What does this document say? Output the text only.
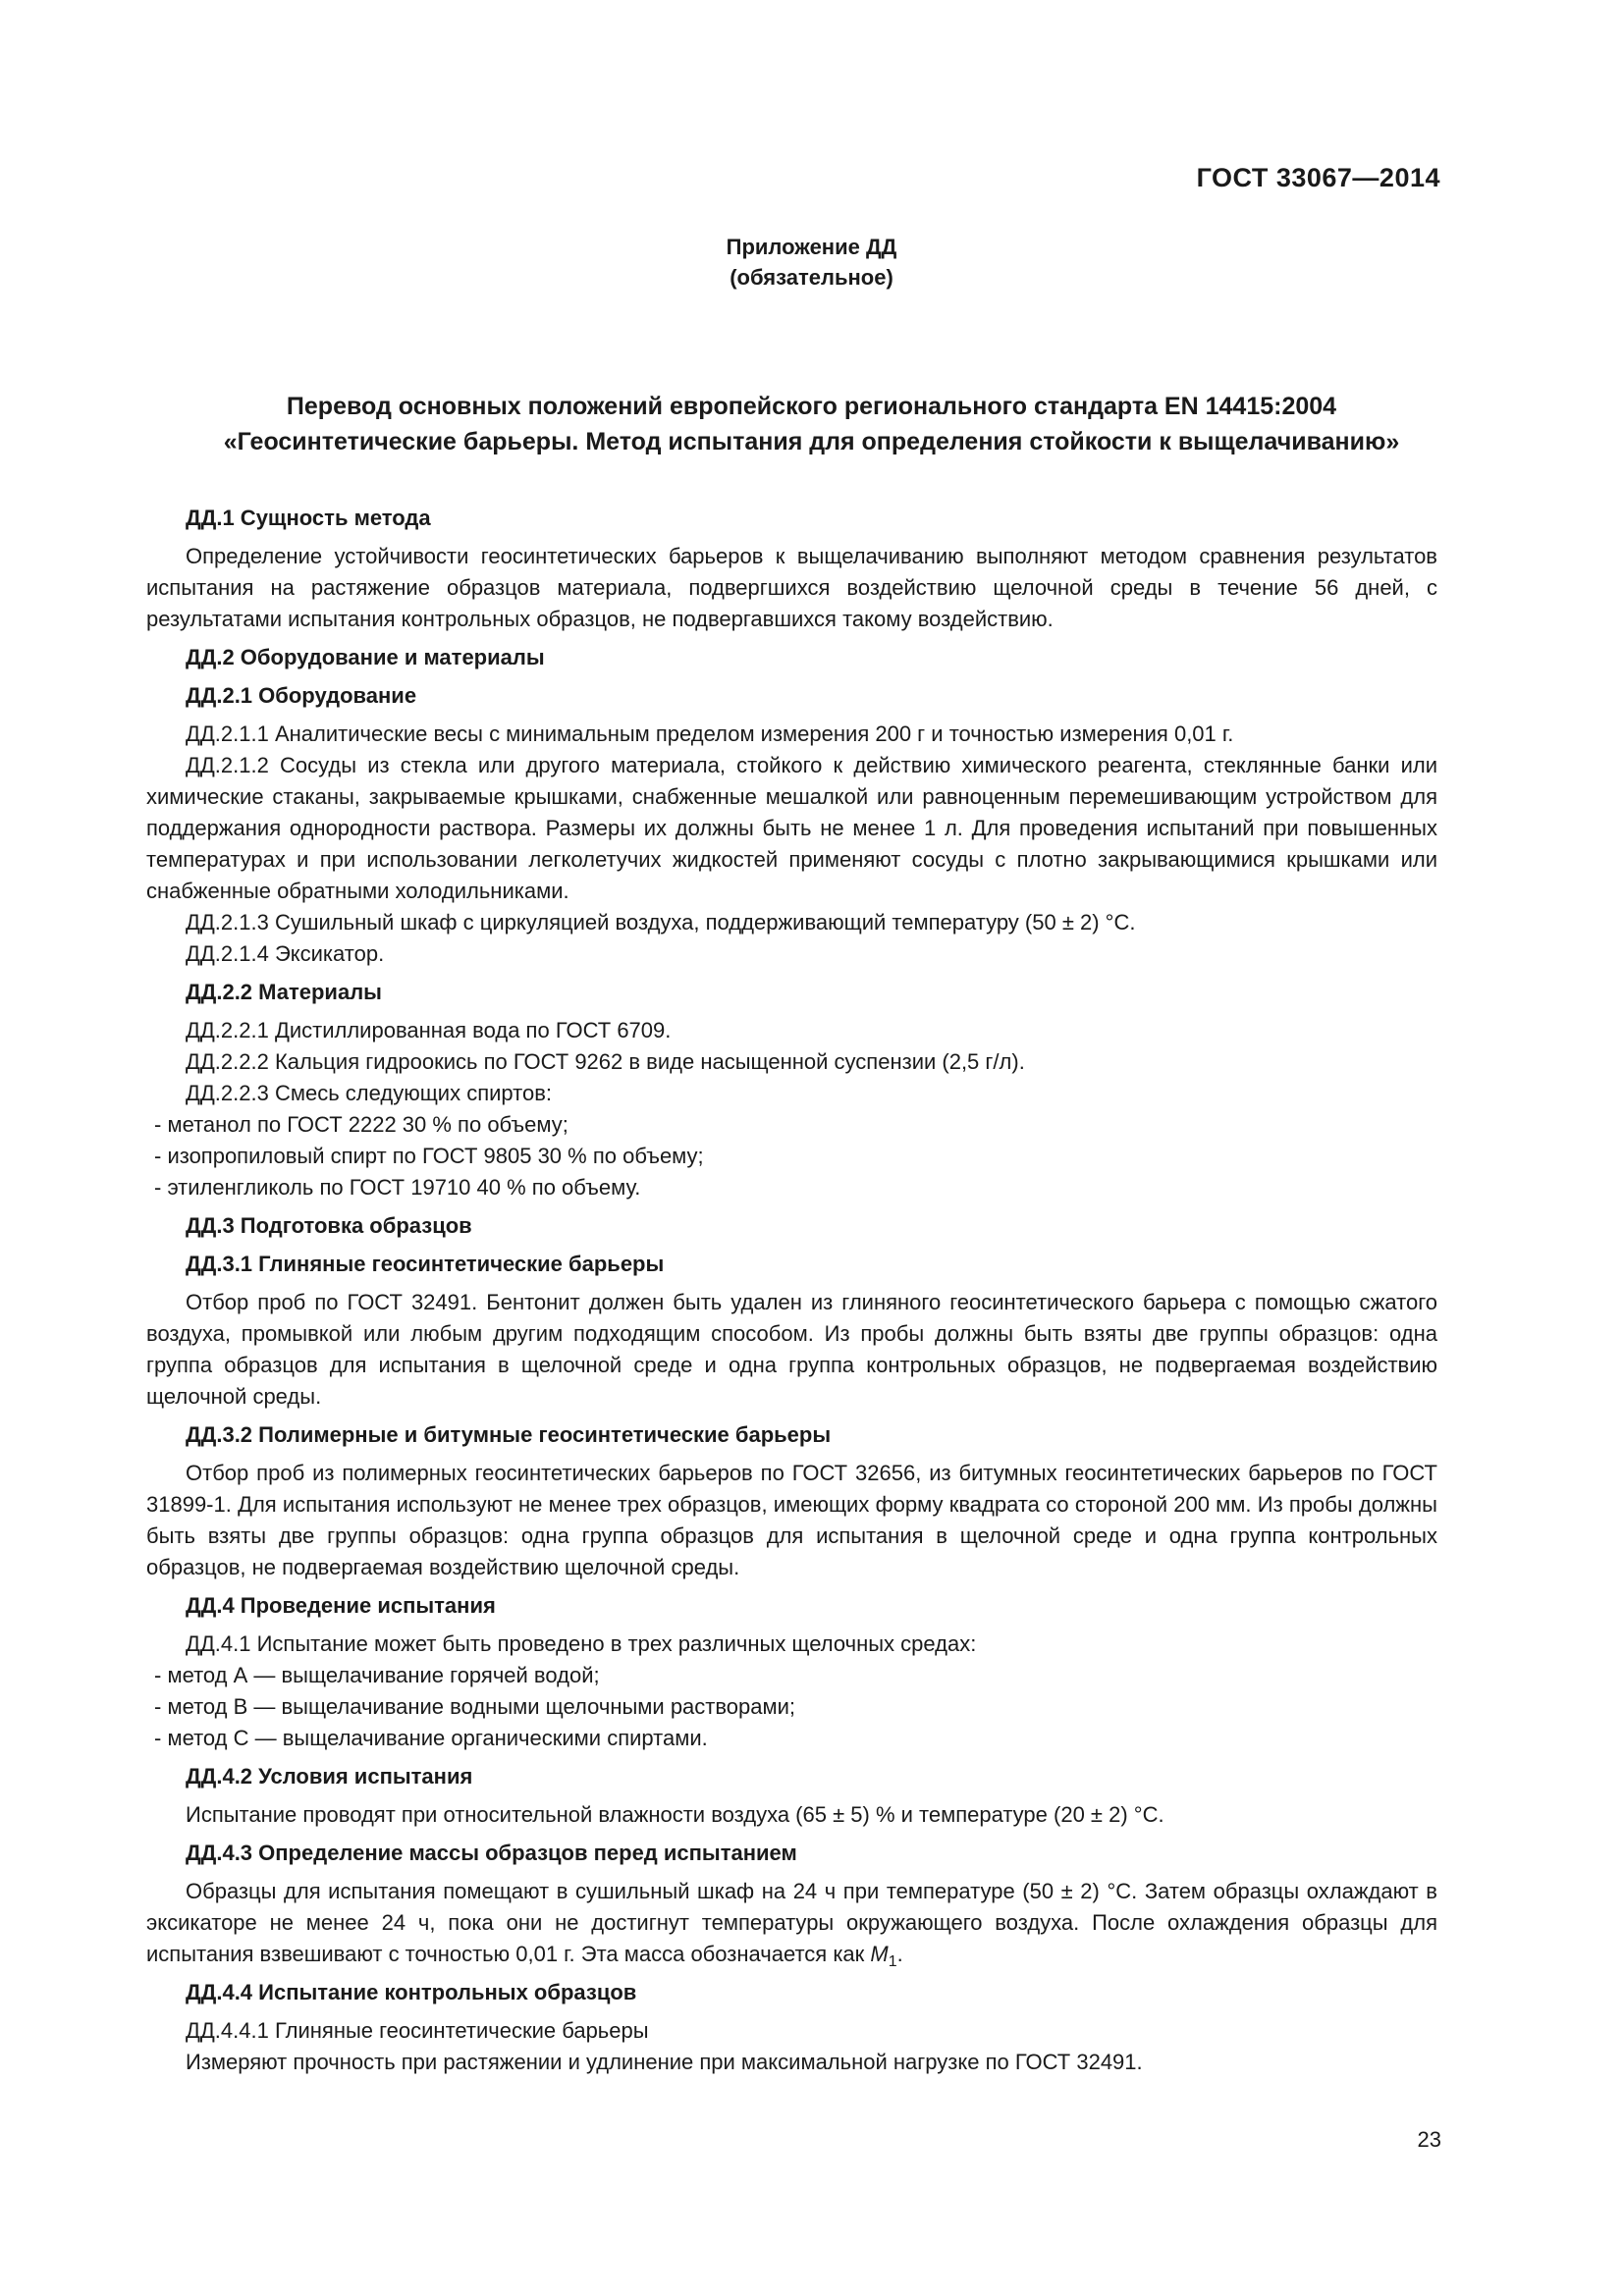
ГОСТ 33067—2014
Приложение ДД
(обязательное)
Перевод основных положений европейского регионального стандарта EN 14415:2004
«Геосинтетические барьеры. Метод испытания для определения стойкости к выщелачиванию»

ДД.1 Сущность метода

Определение устойчивости геосинтетических барьеров к выщелачиванию выполняют методом сравнения результатов испытания на растяжение образцов материала, подвергшихся воздействию щелочной среды в течение 56 дней, с результатами испытания контрольных образцов, не подвергавшихся такому воздействию.

ДД.2 Оборудование и материалы

ДД.2.1 Оборудование

ДД.2.1.1 Аналитические весы с минимальным пределом измерения 200 г и точностью измерения 0,01 г.

ДД.2.1.2 Сосуды из стекла или другого материала, стойкого к действию химического реагента, стеклянные банки или химические стаканы, закрываемые крышками, снабженные мешалкой или равноценным перемешивающим устройством для поддержания однородности раствора. Размеры их должны быть не менее 1 л. Для проведения испытаний при повышенных температурах и при использовании легколетучих жидкостей применяют сосуды с плотно закрывающимися крышками или снабженные обратными холодильниками.

ДД.2.1.3 Сушильный шкаф с циркуляцией воздуха, поддерживающий температуру (50 ± 2) °С.

ДД.2.1.4 Эксикатор.

ДД.2.2 Материалы

ДД.2.2.1 Дистиллированная вода по ГОСТ 6709.

ДД.2.2.2 Кальция гидроокись по ГОСТ 9262 в виде насыщенной суспензии (2,5 г/л).

ДД.2.2.3 Смесь следующих спиртов:

- метанол по ГОСТ 2222 30 % по объему;

- изопропиловый спирт по ГОСТ 9805 30 % по объему;

- этиленгликоль по ГОСТ 19710 40 % по объему.

ДД.3 Подготовка образцов

ДД.3.1 Глиняные геосинтетические барьеры

Отбор проб по ГОСТ 32491. Бентонит должен быть удален из глиняного геосинтетического барьера с помощью сжатого воздуха, промывкой или любым другим подходящим способом. Из пробы должны быть взяты две группы образцов: одна группа образцов для испытания в щелочной среде и одна группа контрольных образцов, не подвергаемая воздействию щелочной среды.

ДД.3.2 Полимерные и битумные геосинтетические барьеры

Отбор проб из полимерных геосинтетических барьеров по ГОСТ 32656, из битумных геосинтетических барьеров по ГОСТ 31899-1. Для испытания используют не менее трех образцов, имеющих форму квадрата со стороной 200 мм. Из пробы должны быть взяты две группы образцов: одна группа образцов для испытания в щелочной среде и одна группа контрольных образцов, не подвергаемая воздействию щелочной среды.

ДД.4 Проведение испытания

ДД.4.1 Испытание может быть проведено в трех различных щелочных средах:

- метод А — выщелачивание горячей водой;

- метод В — выщелачивание водными щелочными растворами;

- метод С — выщелачивание органическими спиртами.

ДД.4.2 Условия испытания

Испытание проводят при относительной влажности воздуха (65 ± 5) % и температуре (20 ± 2) °С.

ДД.4.3 Определение массы образцов перед испытанием

Образцы для испытания помещают в сушильный шкаф на 24 ч при температуре (50 ± 2) °С. Затем образцы охлаждают в эксикаторе не менее 24 ч, пока они не достигнут температуры окружающего воздуха. После охлаждения образцы для испытания взвешивают с точностью 0,01 г. Эта масса обозначается как $M_1$.

ДД.4.4 Испытание контрольных образцов

ДД.4.4.1 Глиняные геосинтетические барьеры

Измеряют прочность при растяжении и удлинение при максимальной нагрузке по ГОСТ 32491.

23
